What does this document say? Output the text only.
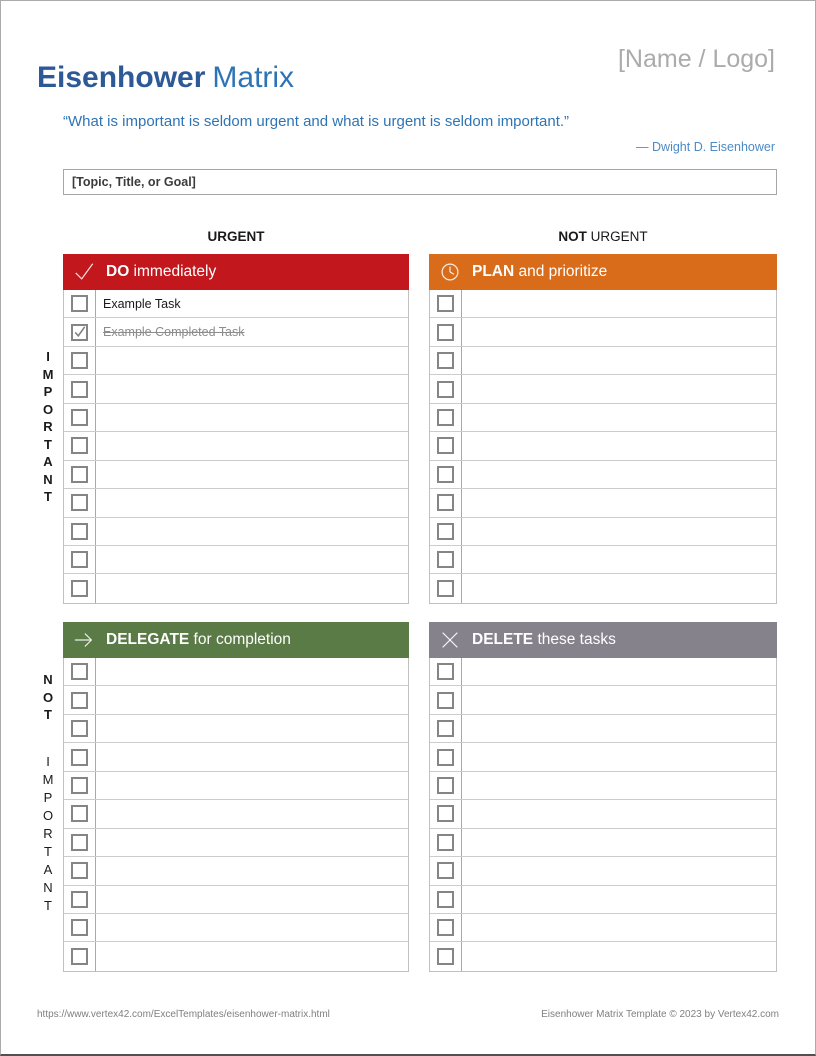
Eisenhower Matrix
[Name / Logo]
“What is important is seldom urgent and what is urgent is seldom important.”
— Dwight D. Eisenhower
[Topic, Title, or Goal]
URGENT	NOT URGENT
I
M
P
O
R
T
A
N
T
N
O
T
I
M
P
O
R
T
A
N
T
DO immediately
Example Task
Example Completed Task
PLAN and prioritize
DELEGATE for completion	DELETE these tasks
https://www.vertex42.com/ExcelTemplates/eisenhower-matrix.html	Eisenhower Matrix Template © 2023 by Vertex42.com
